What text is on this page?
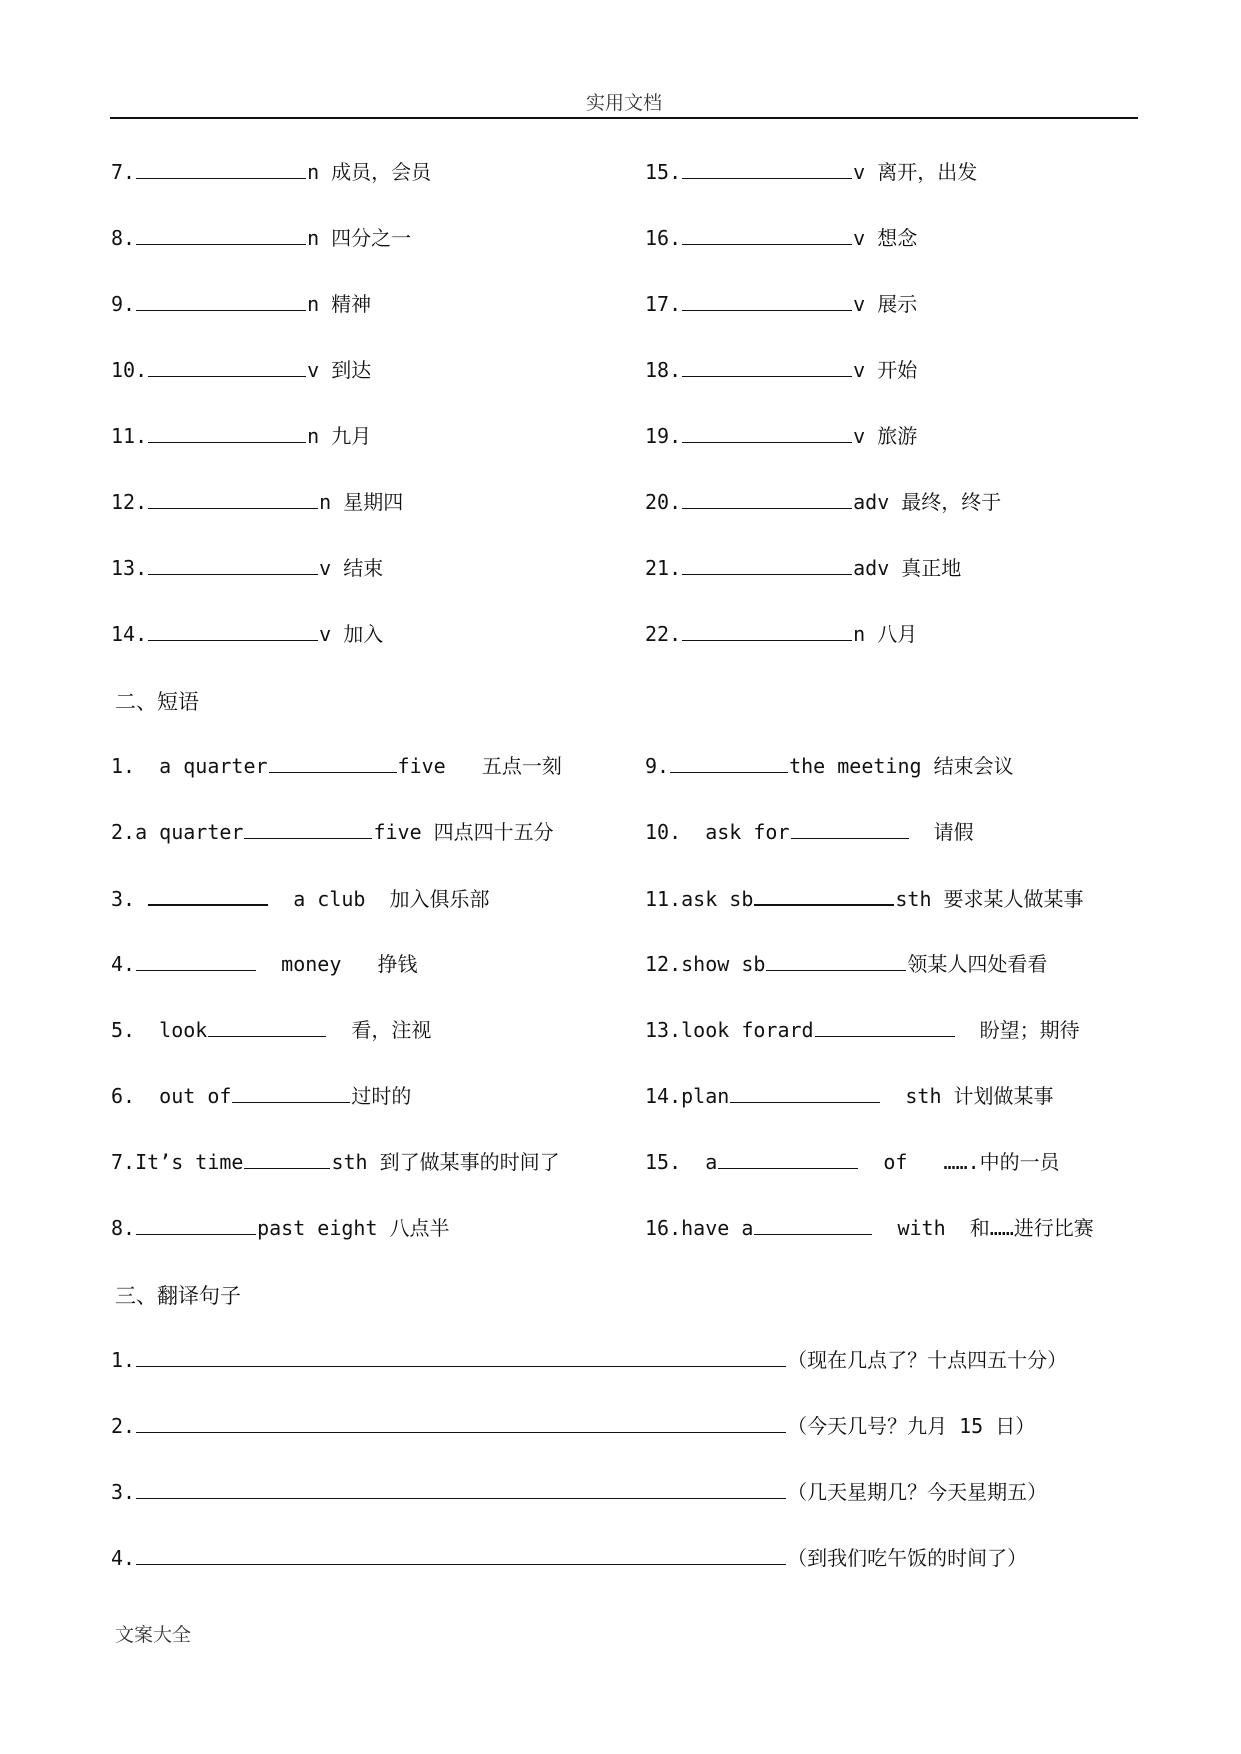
实用文档
7.	n 成员，会员
8.	n 四分之一
9.	n 精神
10.	v 到达
11.	n 九月
12.	n 星期四
13.	v 结束
14.	v 加入
15.	v 离开，出发
16.	v 想念
17.	v 展示
18.	v 开始
19.	v 旅游
20.	adv 最终，终于
21.	adv 真正地
22.	n 八月
二、短语
1.  a quarter	five   五点一刻
2.a quarter	five 四点四十五分
3.	a club  加入俱乐部
4.	money   挣钱
5.  look	看，注视
6.  out of	过时的
7.It’s time	sth 到了做某事的时间了
8.	past eight 八点半
9.	the meeting 结束会议
10.  ask for	请假
11.ask sb	sth 要求某人做某事
12.show sb	领某人四处看看
13.look forard	盼望；期待
14.plan	sth 计划做某事
15.  a	of   …….中的一员
16.have a	with  和……进行比赛
三、翻译句子
1.	（现在几点了？十点四五十分）
2.	（今天几号？九月 15 日）
3.	（几天星期几？今天星期五）
4.	（到我们吃午饭的时间了）
文案大全
